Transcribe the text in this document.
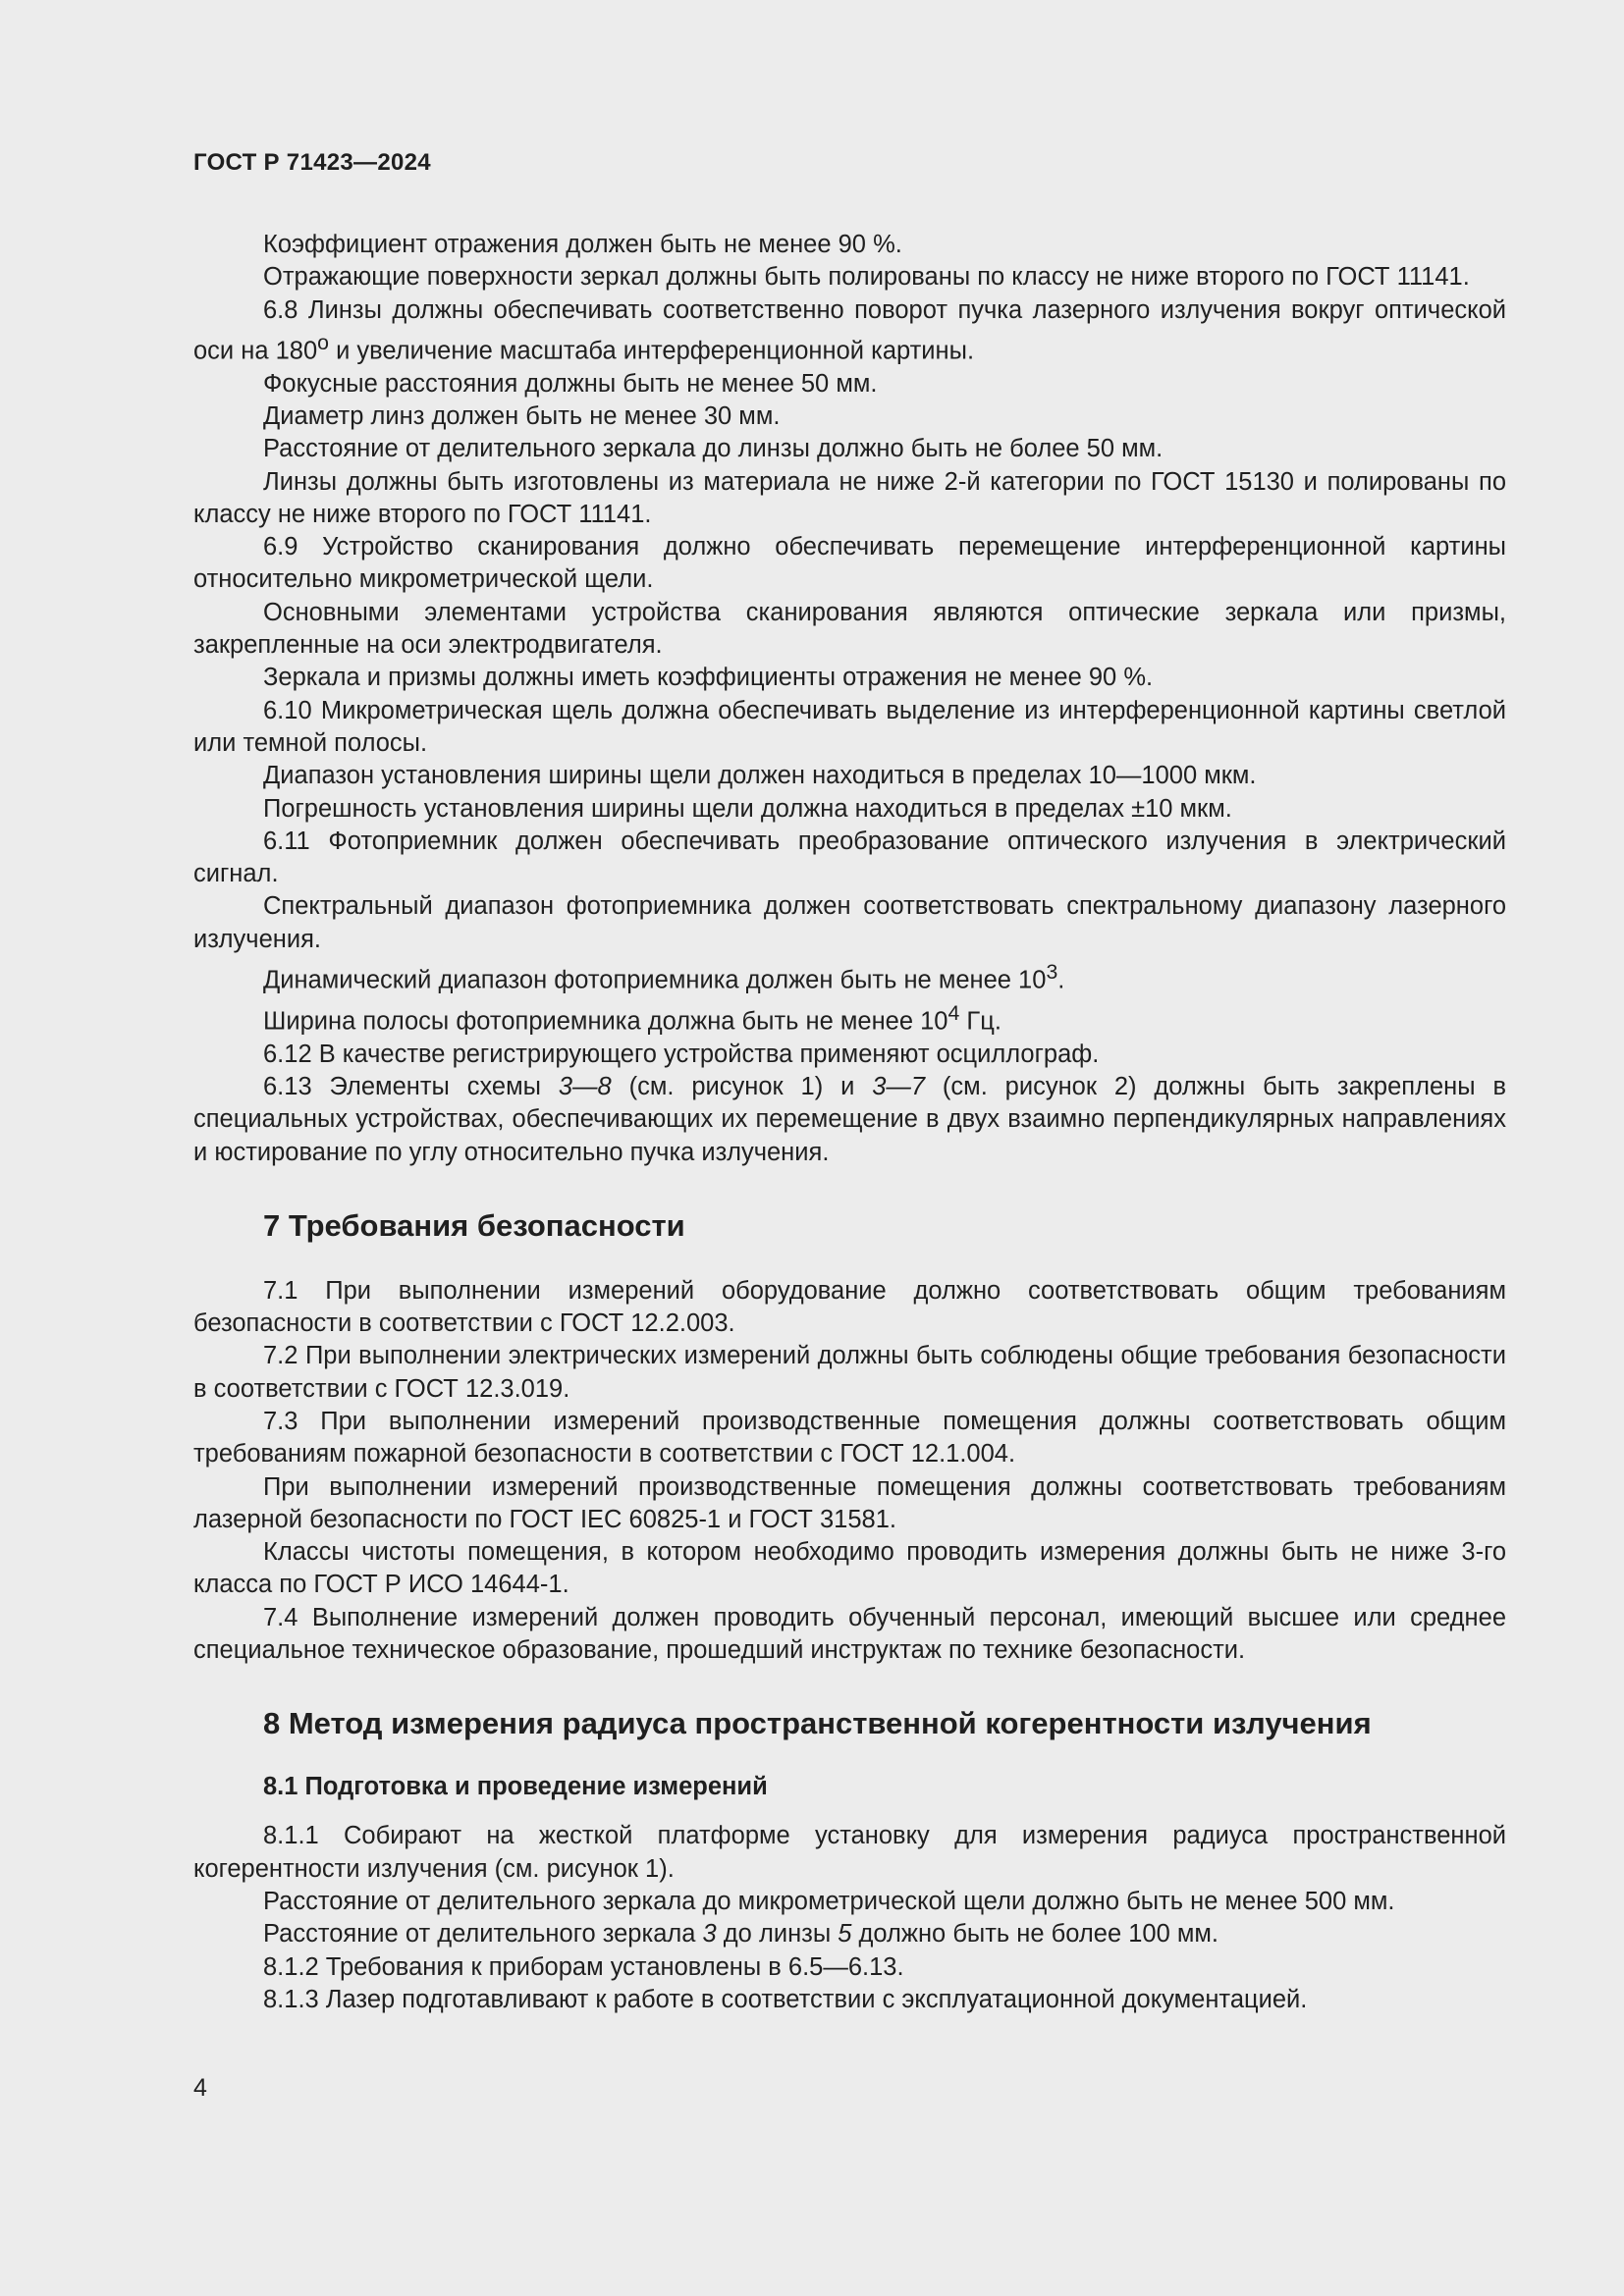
ГОСТ Р 71423—2024

Коэффициент отражения должен быть не менее 90 %.

Отражающие поверхности зеркал должны быть полированы по классу не ниже второго по ГОСТ 11141.

6.8 Линзы должны обеспечивать соответственно поворот пучка лазерного излучения вокруг оптической оси на $180^о$ и увеличение масштаба интерференционной картины.

Фокусные расстояния должны быть не менее 50 мм.

Диаметр линз должен быть не менее 30 мм.

Расстояние от делительного зеркала до линзы должно быть не более 50 мм.

Линзы должны быть изготовлены из материала не ниже 2-й категории по ГОСТ 15130 и полированы по классу не ниже второго по ГОСТ 11141.

6.9 Устройство сканирования должно обеспечивать перемещение интерференционной картины относительно микрометрической щели.

Основными элементами устройства сканирования являются оптические зеркала или призмы, закрепленные на оси электродвигателя.

Зеркала и призмы должны иметь коэффициенты отражения не менее 90 %.

6.10 Микрометрическая щель должна обеспечивать выделение из интерференционной картины светлой или темной полосы.

Диапазон установления ширины щели должен находиться в пределах 10—1000 мкм.

Погрешность установления ширины щели должна находиться в пределах ±10 мкм.

6.11 Фотоприемник должен обеспечивать преобразование оптического излучения в электрический сигнал.

Спектральный диапазон фотоприемника должен соответствовать спектральному диапазону лазерного излучения.

Динамический диапазон фотоприемника должен быть не менее $10^3$.

Ширина полосы фотоприемника должна быть не менее $10^4$ Гц.

6.12 В качестве регистрирующего устройства применяют осциллограф.

6.13 Элементы схемы 3—8 (см. рисунок 1) и 3—7 (см. рисунок 2) должны быть закреплены в специальных устройствах, обеспечивающих их перемещение в двух взаимно перпендикулярных направлениях и юстирование по углу относительно пучка излучения.

7 Требования безопасности

7.1 При выполнении измерений оборудование должно соответствовать общим требованиям безопасности в соответствии с ГОСТ 12.2.003.

7.2 При выполнении электрических измерений должны быть соблюдены общие требования безопасности в соответствии с ГОСТ 12.3.019.

7.3 При выполнении измерений производственные помещения должны соответствовать общим требованиям пожарной безопасности в соответствии с ГОСТ 12.1.004.

При выполнении измерений производственные помещения должны соответствовать требованиям лазерной безопасности по ГОСТ IEC 60825-1 и ГОСТ 31581.

Классы чистоты помещения, в котором необходимо проводить измерения должны быть не ниже 3-го класса по ГОСТ Р ИСО 14644-1.

7.4 Выполнение измерений должен проводить обученный персонал, имеющий высшее или среднее специальное техническое образование, прошедший инструктаж по технике безопасности.

8 Метод измерения радиуса пространственной когерентности излучения
8.1 Подготовка и проведение измерений

8.1.1 Собирают на жесткой платформе установку для измерения радиуса пространственной когерентности излучения (см. рисунок 1).

Расстояние от делительного зеркала до микрометрической щели должно быть не менее 500 мм.

Расстояние от делительного зеркала 3 до линзы 5 должно быть не более 100 мм.

8.1.2 Требования к приборам установлены в 6.5—6.13.

8.1.3 Лазер подготавливают к работе в соответствии с эксплуатационной документацией.

4
